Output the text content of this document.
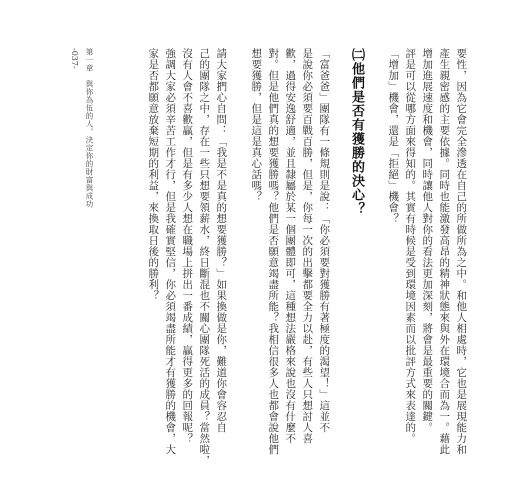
要性，因為它會完全滲透在自己的所做所為之中。和他人相處時，它也是展現能力和
產生親密感的主要依據。同時也能激發高昂的精神狀態來與外在環境合而為一。藉此
增加進展速度和機會，同時讓他人對你的看法更加深刻，將會是最重要的關鍵。
評是可以從哪方面來得知的。其實有時候是受到環境因素而以批評方式來表達的。
「增加」機會，還是「拒絕」機會？
㈡他們是否有獲勝的決心？
「富爸爸」團隊有一條規則是說：「你必須要對獲勝有著極度的渴望！」這並不
是說你必須要百戰百勝，但是，你每一次的出擊都要全力以赴，有些人只想討人喜
歡，過得安逸舒適，並且隸屬於某一個團體即可，這種想法嚴格來說也沒有什麼不
對。但是他們真的想要獲勝嗎？他們是否願意竭盡所能？我相信很多人也都會說他們
想要獲勝，但是這是真心話嗎？
請大家捫心自問：「我是不是真的想要獲勝？」如果換做是你，難道你會容忍自
己的團隊之中，存在一些只想要領薪水，終日斷混也不關心團隊死活的成員？當然啦，
沒有人會不喜歡贏，但是有多少人想在職場上拼出一番成績，贏得更多的回報呢？
強調大家必須辛苦工作才行，但是我確實堅信，你必須竭盡所能才有獲勝的機會，大
家是否都願意放棄短期的利益，來換取日後的勝利？
第一章　與你為伍的人，決定你的財富與成功
-037-
